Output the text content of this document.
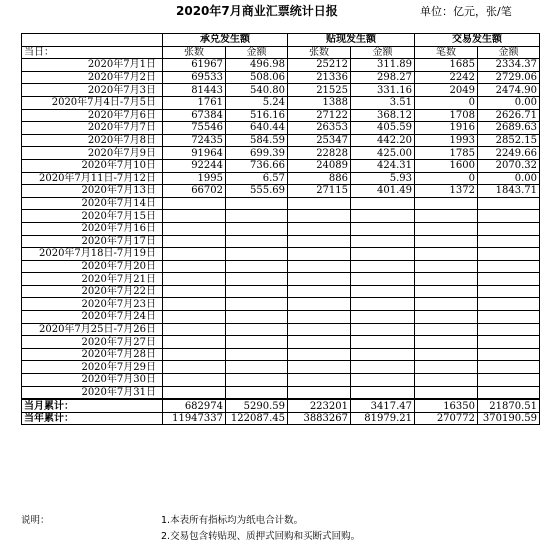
2020年7月商业汇票统计日报	单位：亿元，张/笔
	承兑发生额		贴现发生额		交易发生额	
当日：	张数	金额	张数	金额	笔数	金额
2020年7月1日	61967	496.98	25212	311.89	1685	2334.37
2020年7月2日	69533	508.06	21336	298.27	2242	2729.06
2020年7月3日	81443	540.80	21525	331.16	2049	2474.90
2020年7月4日-7月5日	1761	5.24	1388	3.51	0	0.00
2020年7月6日	67384	516.16	27122	368.12	1708	2626.71
2020年7月7日	75546	640.44	26353	405.59	1916	2689.63
2020年7月8日	72435	584.59	25347	442.20	1993	2852.15
2020年7月9日	91964	699.39	22828	425.00	1785	2249.66
2020年7月10日	92244	736.66	24089	424.31	1600	2070.32
2020年7月11日-7月12日	1995	6.57	886	5.93	0	0.00
2020年7月13日	66702	555.69	27115	401.49	1372	1843.71
2020年7月14日						
2020年7月15日						
2020年7月16日						
2020年7月17日						
2020年7月18日-7月19日						
2020年7月20日						
2020年7月21日						
2020年7月22日						
2020年7月23日						
2020年7月24日						
2020年7月25日-7月26日						
2020年7月27日						
2020年7月28日						
2020年7月29日						
2020年7月30日						
2020年7月31日						
当月累计：	682974	5290.59	223201	3417.47	16350	21870.51
当年累计：	11947337	122087.45	3883267	81979.21	270772	370190.59
说明：	1.本表所有指标均为纸电合计数。
2.交易包含转贴现、质押式回购和买断式回购。
